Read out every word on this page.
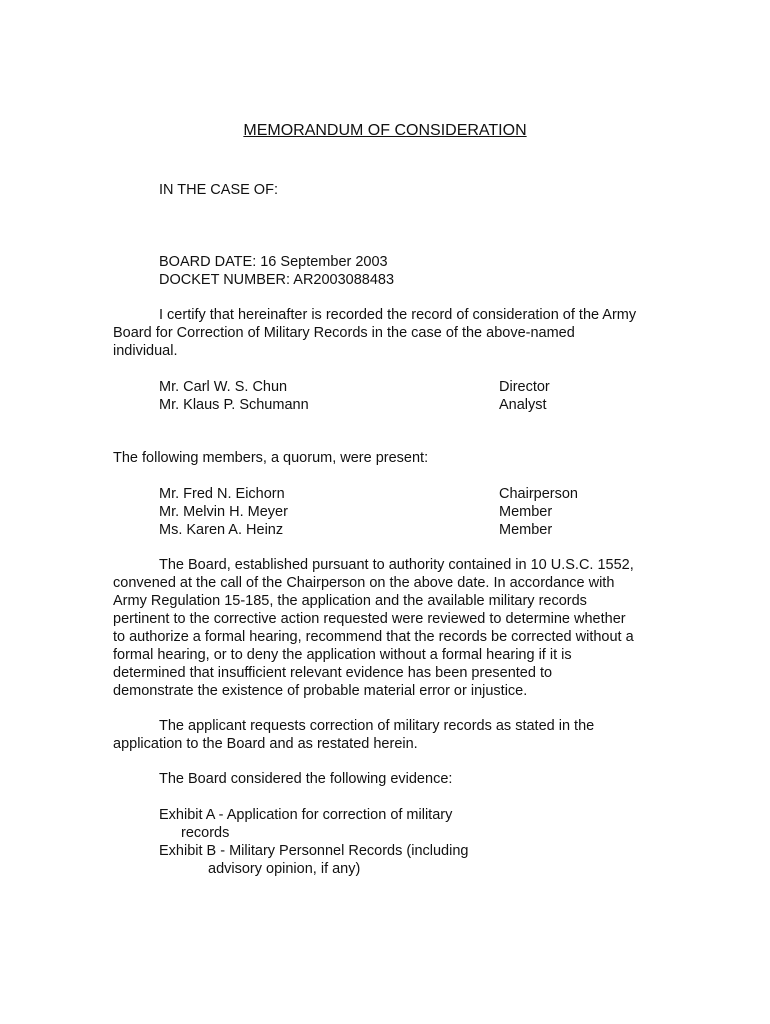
MEMORANDUM OF CONSIDERATION
IN THE CASE OF:
BOARD DATE: 16 September 2003
DOCKET NUMBER: AR2003088483
I certify that hereinafter is recorded the record of consideration of the Army
Board for Correction of Military Records in the case of the above-named
individual.
Mr. Carl W. S. Chun	Director
Mr. Klaus P. Schumann	Analyst
The following members, a quorum, were present:
Mr. Fred N. Eichorn	Chairperson
Mr. Melvin H. Meyer	Member
Ms. Karen A. Heinz	Member
The Board, established pursuant to authority contained in 10 U.S.C. 1552,
convened at the call of the Chairperson on the above date. In accordance with
Army Regulation 15-185, the application and the available military records
pertinent to the corrective action requested were reviewed to determine whether
to authorize a formal hearing, recommend that the records be corrected without a
formal hearing, or to deny the application without a formal hearing if it is
determined that insufficient relevant evidence has been presented to
demonstrate the existence of probable material error or injustice.
The applicant requests correction of military records as stated in the
application to the Board and as restated herein.
The Board considered the following evidence:
Exhibit A - Application for correction of military
records
Exhibit B - Military Personnel Records (including
advisory opinion, if any)
